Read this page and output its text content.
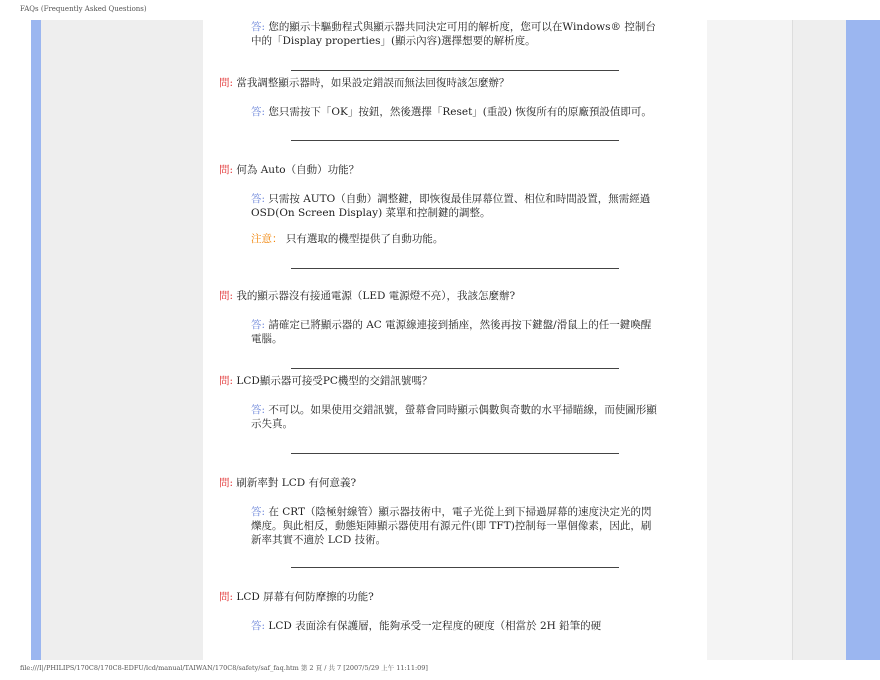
FAQs (Frequently Asked Questions)
答: 您的顯示卡驅動程式與顯示器共同決定可用的解析度，您可以在Windows® 控制台中的「Display properties」(顯示內容)選擇想要的解析度。
問: 當我調整顯示器時，如果設定錯誤而無法回復時該怎麼辦？
答: 您只需按下「OK」按鈕，然後選擇「Reset」(重設) 恢復所有的原廠預設值即可。
問: 何為 Auto（自動）功能？
答: 只需按 AUTO（自動）調整鍵，即恢復最佳屏幕位置、相位和時間設置，無需經過 OSD(On Screen Display) 菜單和控制鍵的調整。
注意： 只有選取的機型提供了自動功能。
問: 我的顯示器沒有接通電源（LED 電源燈不亮），我該怎麼辦?
答: 請確定已將顯示器的 AC 電源線連接到插座，然後再按下鍵盤/滑鼠上的任一鍵喚醒電腦。
問: LCD顯示器可接受PC機型的交錯訊號嗎？
答: 不可以。如果使用交錯訊號，螢幕會同時顯示偶數與奇數的水平掃瞄線，而使圖形顯示失真。
問: 刷新率對 LCD 有何意義?
答: 在 CRT（陰極射線管）顯示器技術中，電子光從上到下掃過屏幕的速度決定光的閃爍度。與此相反，動態矩陣顯示器使用有源元件(即 TFT)控制每一單個像素，因此，刷新率其實不適於 LCD 技術。
問: LCD 屏幕有何防摩擦的功能?
答: LCD 表面涂有保護層，能夠承受一定程度的硬度（相當於 2H 鉛筆的硬
file:///I|/PHILIPS/170C8/170C8-EDFU/lcd/manual/TAIWAN/170C8/safety/saf_faq.htm 第 2 頁 / 共 7 [2007/5/29 上午 11:11:09]
